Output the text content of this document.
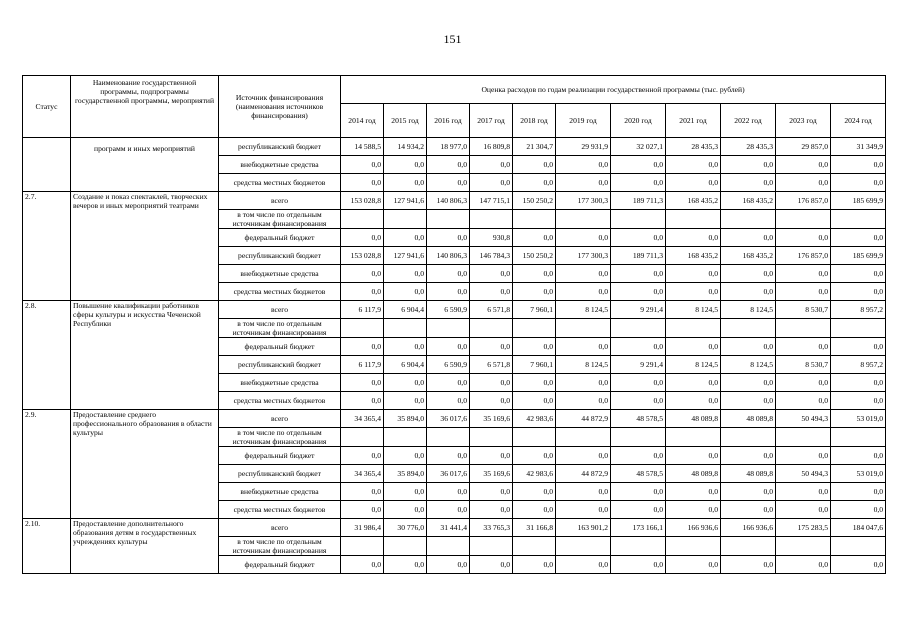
151
Статус	Наименование государственной программы, подпрограммы государственной программы, мероприятий	Источник финансирования (наименования источников финансирования)	Оценка расходов по годам реализации государственной программы (тыс. рублей)										
			2014 год	2015 год	2016 год	2017 год	2018 год	2019 год	2020 год	2021 год	2022 год	2023 год	2024 год
	программ и иных мероприятий	республиканский бюджет	14 588,5	14 934,2	18 977,0	16 809,8	21 304,7	29 931,9	32 027,1	28 435,3	28 435,3	29 857,0	31 349,9
		внебюджетные средства	0,0	0,0	0,0	0,0	0,0	0,0	0,0	0,0	0,0	0,0	0,0
		средства местных бюджетов	0,0	0,0	0,0	0,0	0,0	0,0	0,0	0,0	0,0	0,0	0,0
2.7.	Создание и показ спектаклей, творческих вечеров и иных мероприятий театрами	всего	153 028,8	127 941,6	140 806,3	147 715,1	150 250,2	177 300,3	189 711,3	168 435,2	168 435,2	176 857,0	185 699,9
		в том числе по отдельным источникам финансирования											
		федеральный бюджет	0,0	0,0	0,0	930,8	0,0	0,0	0,0	0,0	0,0	0,0	0,0
		республиканский бюджет	153 028,8	127 941,6	140 806,3	146 784,3	150 250,2	177 300,3	189 711,3	168 435,2	168 435,2	176 857,0	185 699,9
		внебюджетные средства	0,0	0,0	0,0	0,0	0,0	0,0	0,0	0,0	0,0	0,0	0,0
		средства местных бюджетов	0,0	0,0	0,0	0,0	0,0	0,0	0,0	0,0	0,0	0,0	0,0
2.8.	Повышение квалификации работников сферы культуры и искусства Чеченской Республики	всего	6 117,9	6 904,4	6 590,9	6 571,8	7 960,1	8 124,5	9 291,4	8 124,5	8 124,5	8 530,7	8 957,2
		в том числе по отдельным источникам финансирования											
		федеральный бюджет	0,0	0,0	0,0	0,0	0,0	0,0	0,0	0,0	0,0	0,0	0,0
		республиканский бюджет	6 117,9	6 904,4	6 590,9	6 571,8	7 960,1	8 124,5	9 291,4	8 124,5	8 124,5	8 530,7	8 957,2
		внебюджетные средства	0,0	0,0	0,0	0,0	0,0	0,0	0,0	0,0	0,0	0,0	0,0
		средства местных бюджетов	0,0	0,0	0,0	0,0	0,0	0,0	0,0	0,0	0,0	0,0	0,0
2.9.	Предоставление среднего профессионального образования в области культуры	всего	34 365,4	35 894,0	36 017,6	35 169,6	42 983,6	44 872,9	48 578,5	48 089,8	48 089,8	50 494,3	53 019,0
		в том числе по отдельным источникам финансирования											
		федеральный бюджет	0,0	0,0	0,0	0,0	0,0	0,0	0,0	0,0	0,0	0,0	0,0
		республиканский бюджет	34 365,4	35 894,0	36 017,6	35 169,6	42 983,6	44 872,9	48 578,5	48 089,8	48 089,8	50 494,3	53 019,0
		внебюджетные средства	0,0	0,0	0,0	0,0	0,0	0,0	0,0	0,0	0,0	0,0	0,0
		средства местных бюджетов	0,0	0,0	0,0	0,0	0,0	0,0	0,0	0,0	0,0	0,0	0,0
2.10.	Предоставление дополнительного образования детям в государственных учреждениях культуры	всего	31 986,4	30 776,0	31 441,4	33 765,3	31 166,8	163 901,2	173 166,1	166 936,6	166 936,6	175 283,5	184 047,6
		в том числе по отдельным источникам финансирования											
		федеральный бюджет	0,0	0,0	0,0	0,0	0,0	0,0	0,0	0,0	0,0	0,0	0,0
